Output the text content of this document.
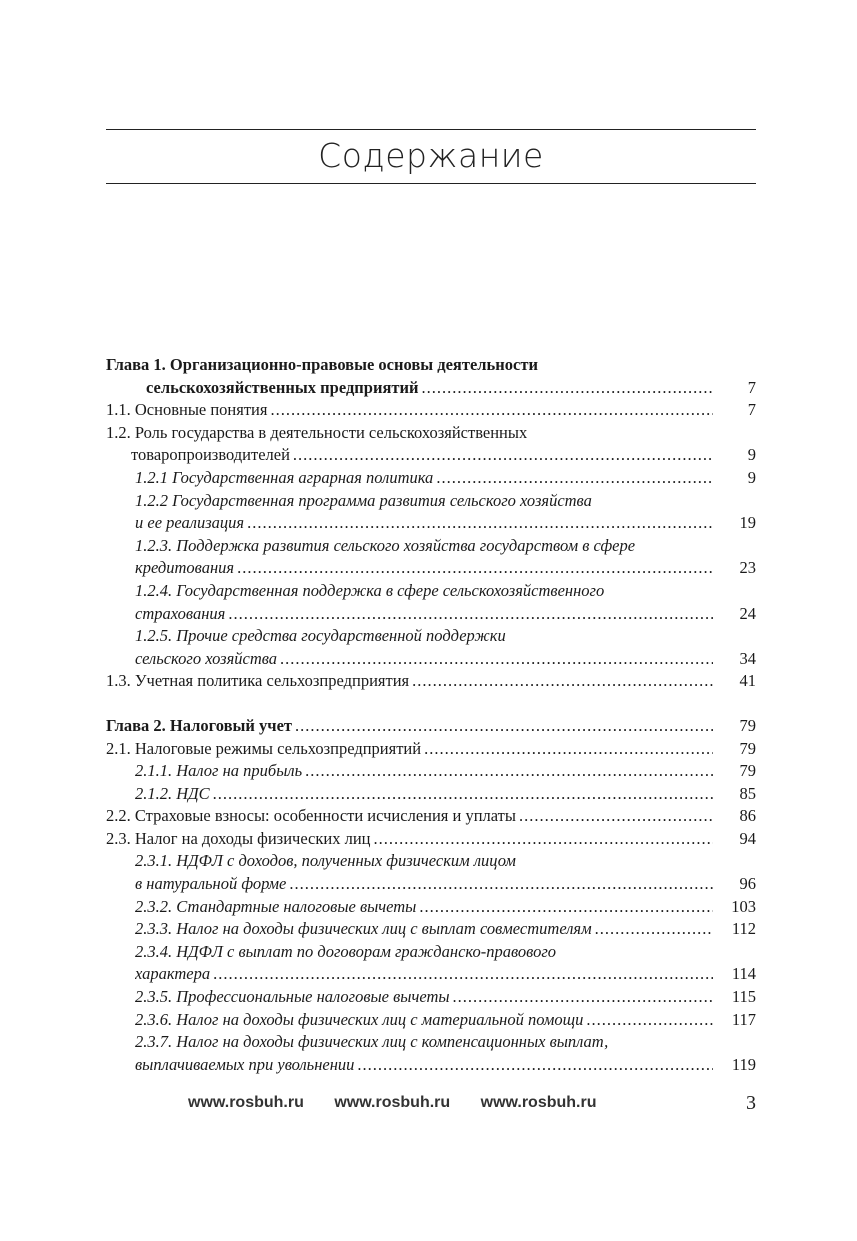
Содержание
Глава 1. Организационно-правовые основы деятельности
сельскохозяйственных предприятий .....	7
1.1. Основные понятия .....	7
1.2. Роль государства в деятельности сельскохозяйственных
товаропроизводителей .....	9
1.2.1 Государственная аграрная политика .....	9
1.2.2 Государственная программа развития сельского хозяйства
и ее реализация .....	19
1.2.3. Поддержка развития сельского хозяйства государством в сфере
кредитования .....	23
1.2.4. Государственная поддержка в сфере сельскохозяйственного
страхования .....	24
1.2.5. Прочие средства государственной поддержки
сельского хозяйства .....	34
1.3. Учетная политика сельхозпредприятия .....	41
Глава 2. Налоговый учет .....	79
2.1. Налоговые режимы сельхозпредприятий .....	79
2.1.1. Налог на прибыль .....	79
2.1.2. НДС .....	85
2.2. Страховые взносы: особенности исчисления и уплаты .....	86
2.3. Налог на доходы физических лиц .....	94
2.3.1. НДФЛ с доходов, полученных физическим лицом
в натуральной форме .....	96
2.3.2. Стандартные налоговые вычеты .....	103
2.3.3. Налог на доходы физических лиц с выплат совместителям .....	112
2.3.4. НДФЛ с выплат по договорам гражданско-правового
характера .....	114
2.3.5. Профессиональные налоговые вычеты .....	115
2.3.6. Налог на доходы физических лиц с материальной помощи .....	117
2.3.7. Налог на доходы физических лиц с компенсационных выплат,
выплачиваемых при увольнении .....	119
www.rosbuh.ru www.rosbuh.ru www.rosbuh.ru	3
